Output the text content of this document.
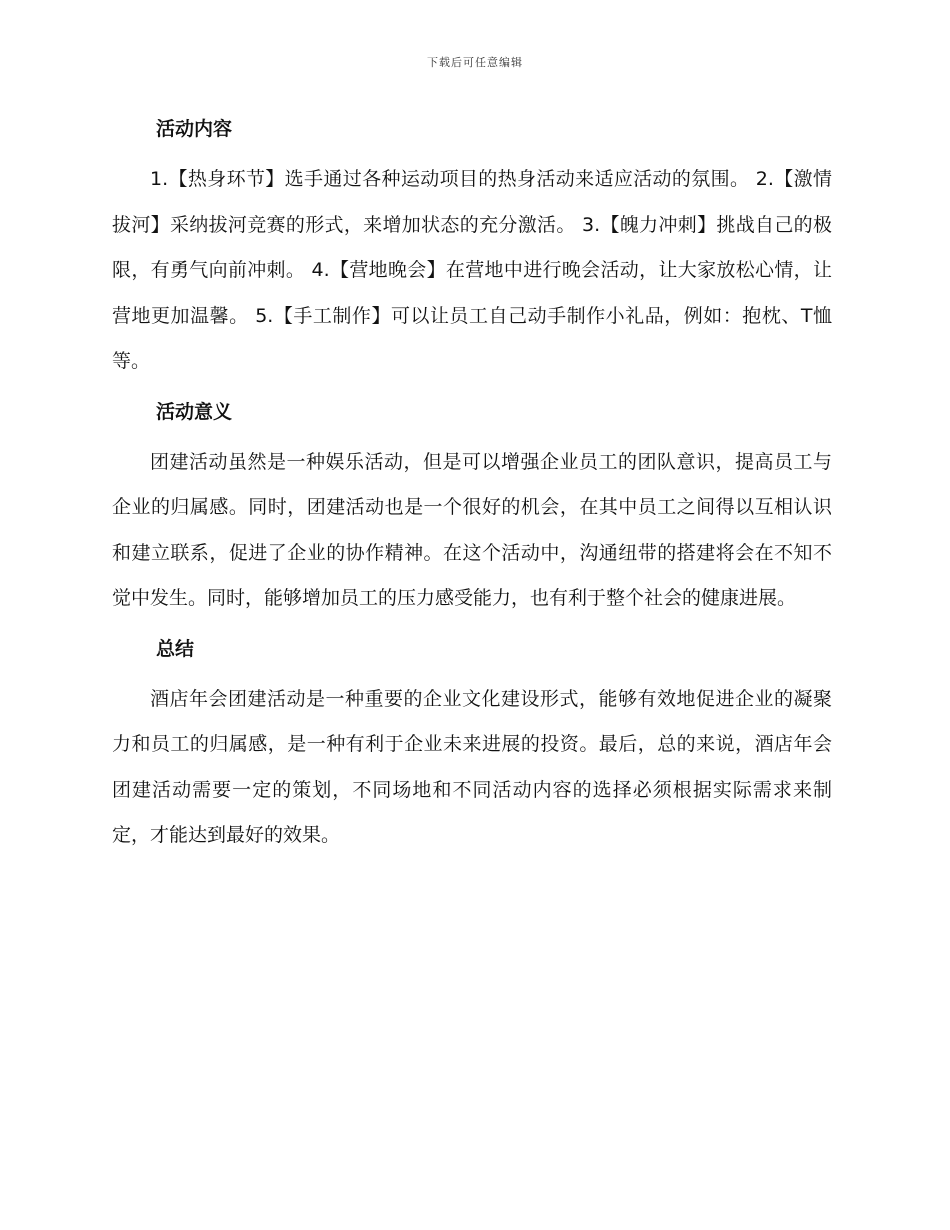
下载后可任意编辑
活动内容

1.【热身环节】选手通过各种运动项目的热身活动来适应活动的氛围。 2.【激情拔河】采纳拔河竞赛的形式，来增加状态的充分激活。 3.【魄力冲刺】挑战自己的极限，有勇气向前冲刺。 4.【营地晚会】在营地中进行晚会活动，让大家放松心情，让营地更加温馨。 5.【手工制作】可以让员工自己动手制作小礼品，例如：抱枕、T恤等。

活动意义

团建活动虽然是一种娱乐活动，但是可以增强企业员工的团队意识，提高员工与企业的归属感。同时，团建活动也是一个很好的机会，在其中员工之间得以互相认识和建立联系，促进了企业的协作精神。在这个活动中，沟通纽带的搭建将会在不知不觉中发生。同时，能够增加员工的压力感受能力，也有利于整个社会的健康进展。

总结

酒店年会团建活动是一种重要的企业文化建设形式，能够有效地促进企业的凝聚力和员工的归属感，是一种有利于企业未来进展的投资。最后，总的来说，酒店年会团建活动需要一定的策划，不同场地和不同活动内容的选择必须根据实际需求来制定，才能达到最好的效果。
